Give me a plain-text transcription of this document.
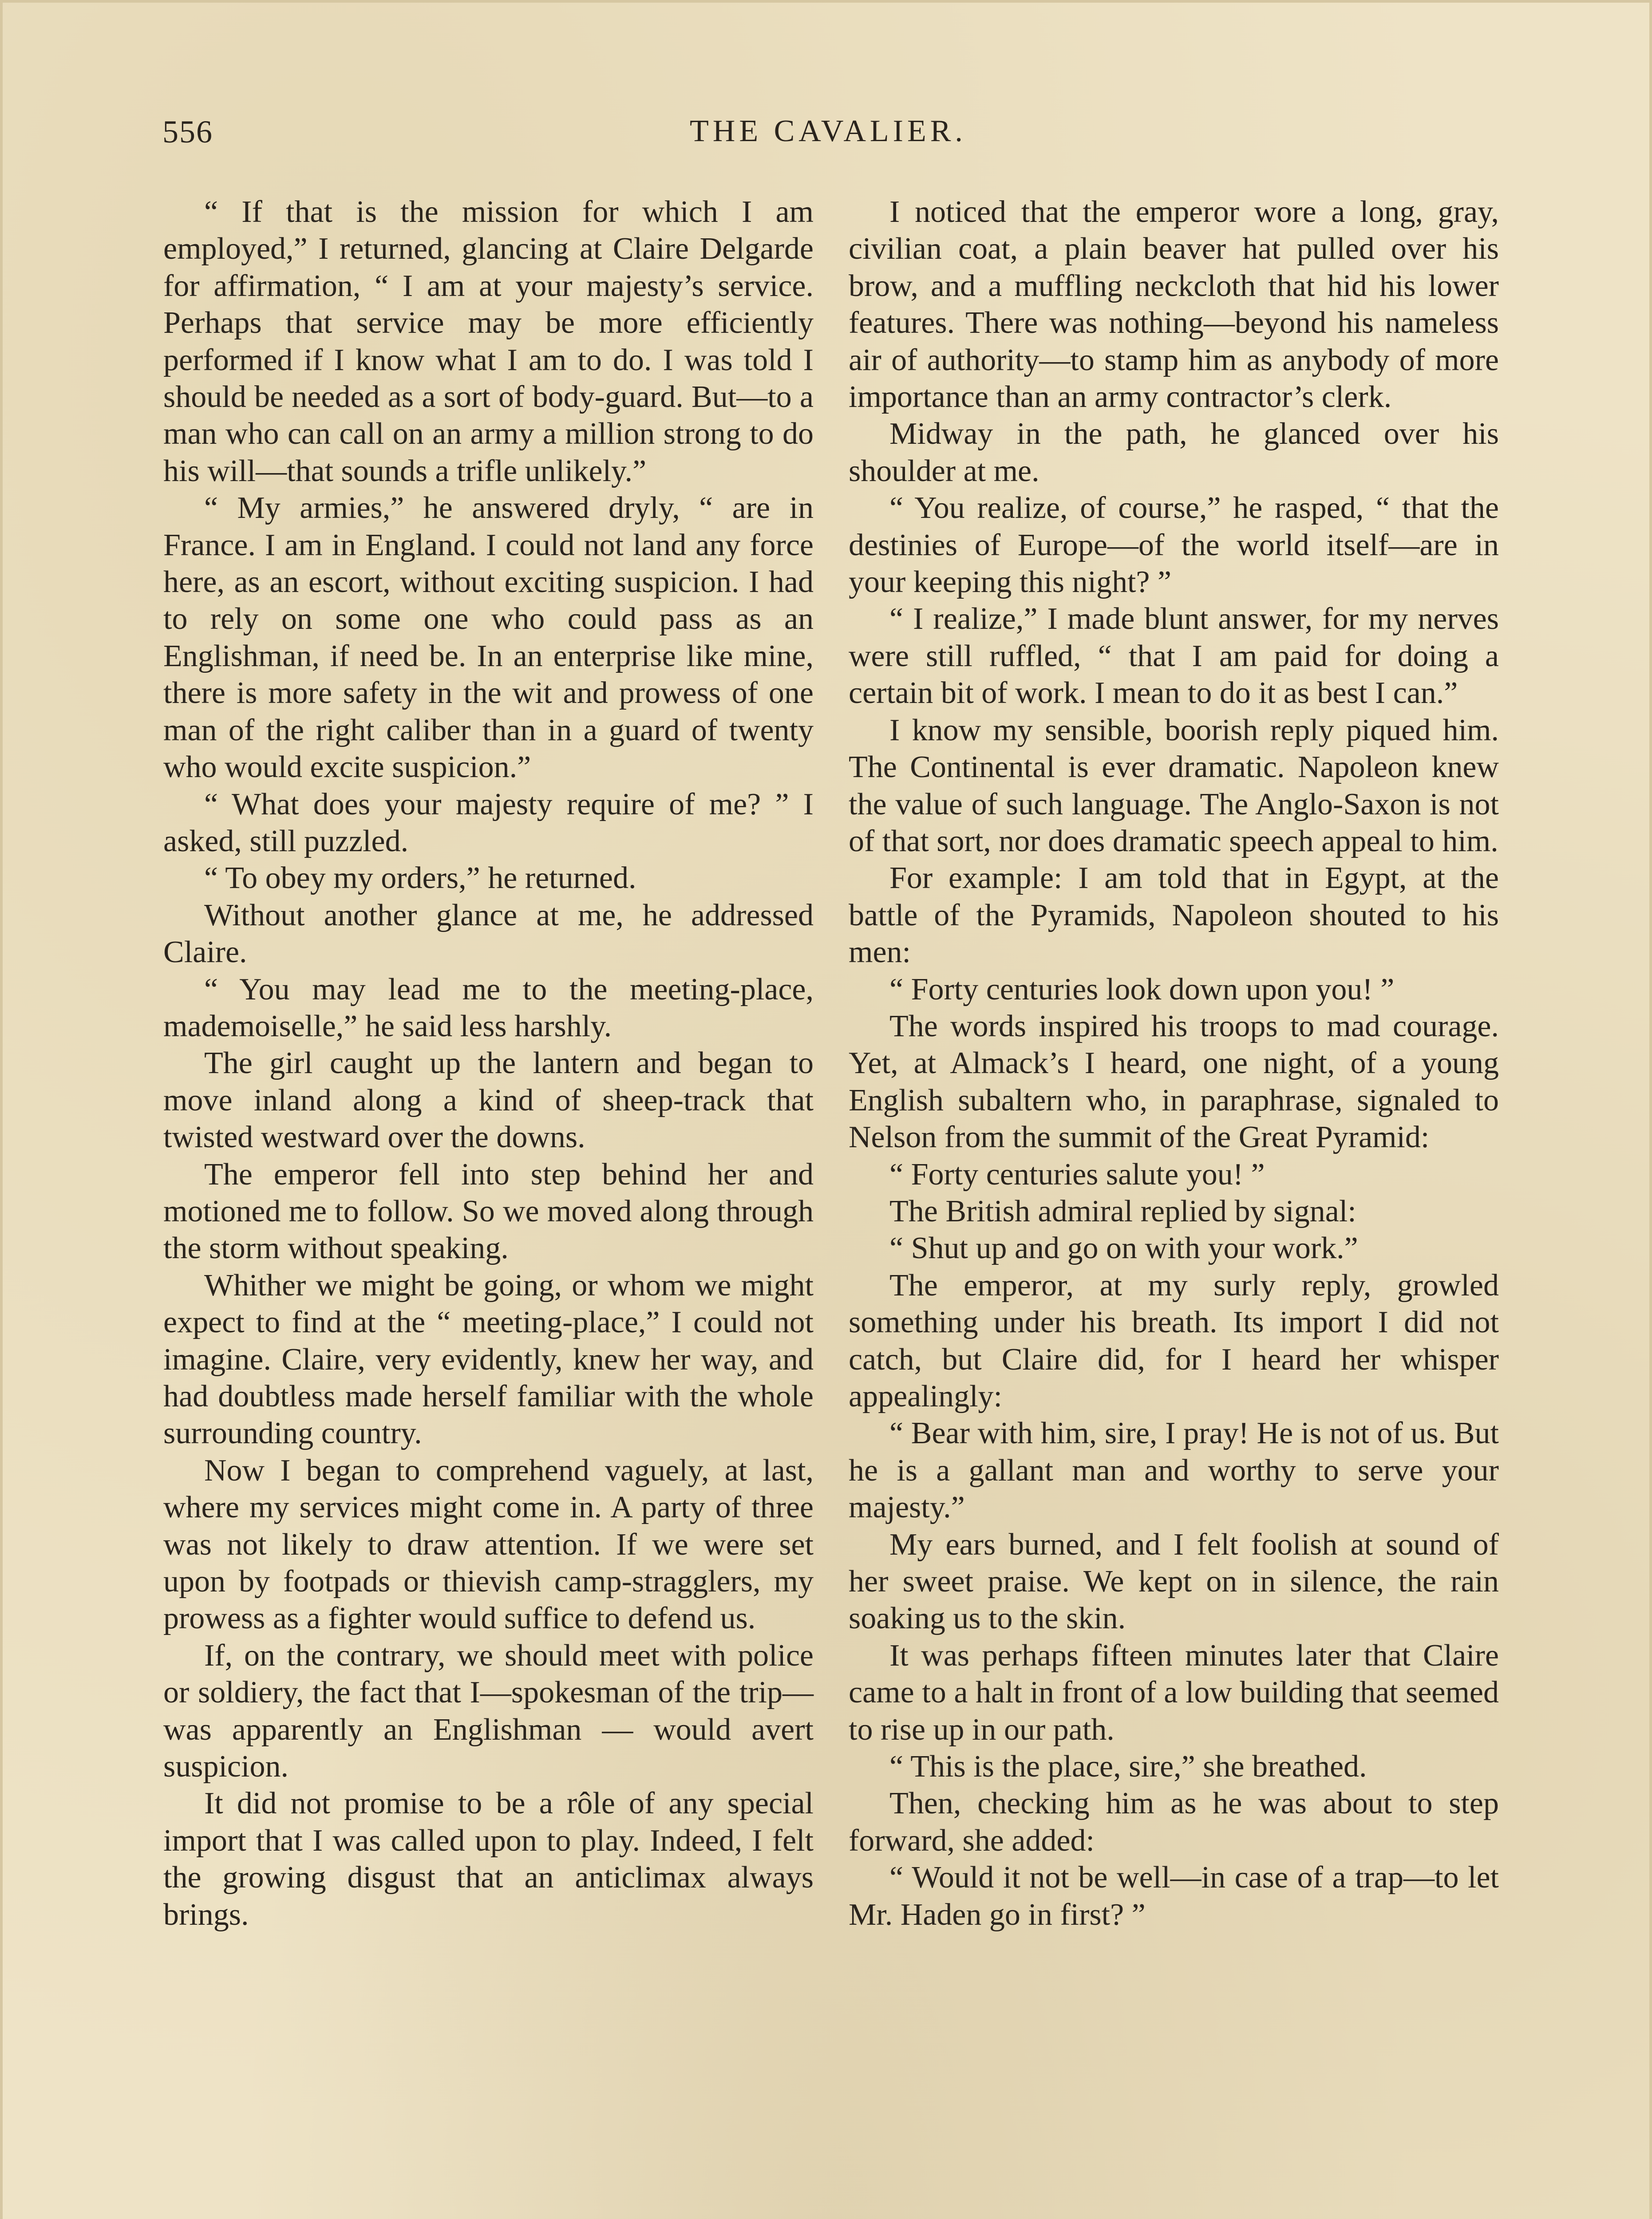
556	THE CAVALIER.

“ If that is the mission for which I am employed,” I returned, glancing at Claire Delgarde for affirmation, “ I am at your majesty’s service. Perhaps that service may be more efficiently performed if I know what I am to do. I was told I should be needed as a sort of body-guard. But—to a man who can call on an army a million strong to do his will—that sounds a trifle unlikely.”

“ My armies,” he answered dryly, “ are in France. I am in England. I could not land any force here, as an escort, without exciting suspicion. I had to rely on some one who could pass as an Englishman, if need be. In an enterprise like mine, there is more safety in the wit and prowess of one man of the right caliber than in a guard of twenty who would excite suspicion.”

“ What does your majesty require of me? ” I asked, still puzzled.

“ To obey my orders,” he returned.

Without another glance at me, he addressed Claire.

“ You may lead me to the meeting-place, mademoiselle,” he said less harshly.

The girl caught up the lantern and began to move inland along a kind of sheep-track that twisted westward over the downs.

The emperor fell into step behind her and motioned me to follow. So we moved along through the storm without speaking.

Whither we might be going, or whom we might expect to find at the “ meeting-place,” I could not imagine. Claire, very evidently, knew her way, and had doubtless made herself familiar with the whole surrounding country.

Now I began to comprehend vaguely, at last, where my services might come in. A party of three was not likely to draw attention. If we were set upon by footpads or thievish camp-stragglers, my prowess as a fighter would suffice to defend us.

If, on the contrary, we should meet with police or soldiery, the fact that I—spokesman of the trip—was apparently an Englishman — would avert suspicion.

It did not promise to be a rôle of any special import that I was called upon to play. Indeed, I felt the growing disgust that an anticlimax always brings.

I noticed that the emperor wore a long, gray, civilian coat, a plain beaver hat pulled over his brow, and a muffling neckcloth that hid his lower features. There was nothing—beyond his nameless air of authority—to stamp him as anybody of more importance than an army contractor’s clerk.

Midway in the path, he glanced over his shoulder at me.

“ You realize, of course,” he rasped, “ that the destinies of Europe—of the world itself—are in your keeping this night? ”

“ I realize,” I made blunt answer, for my nerves were still ruffled, “ that I am paid for doing a certain bit of work. I mean to do it as best I can.”

I know my sensible, boorish reply piqued him. The Continental is ever dramatic. Napoleon knew the value of such language. The Anglo-Saxon is not of that sort, nor does dramatic speech appeal to him.

For example: I am told that in Egypt, at the battle of the Pyramids, Napoleon shouted to his men:

“ Forty centuries look down upon you! ”

The words inspired his troops to mad courage. Yet, at Almack’s I heard, one night, of a young English subaltern who, in paraphrase, signaled to Nelson from the summit of the Great Pyramid:

“ Forty centuries salute you! ”

The British admiral replied by signal:

“ Shut up and go on with your work.”

The emperor, at my surly reply, growled something under his breath. Its import I did not catch, but Claire did, for I heard her whisper appealingly:

“ Bear with him, sire, I pray! He is not of us. But he is a gallant man and worthy to serve your majesty.”

My ears burned, and I felt foolish at sound of her sweet praise. We kept on in silence, the rain soaking us to the skin.

It was perhaps fifteen minutes later that Claire came to a halt in front of a low building that seemed to rise up in our path.

“ This is the place, sire,” she breathed.

Then, checking him as he was about to step forward, she added:

“ Would it not be well—in case of a trap—to let Mr. Haden go in first? ”
